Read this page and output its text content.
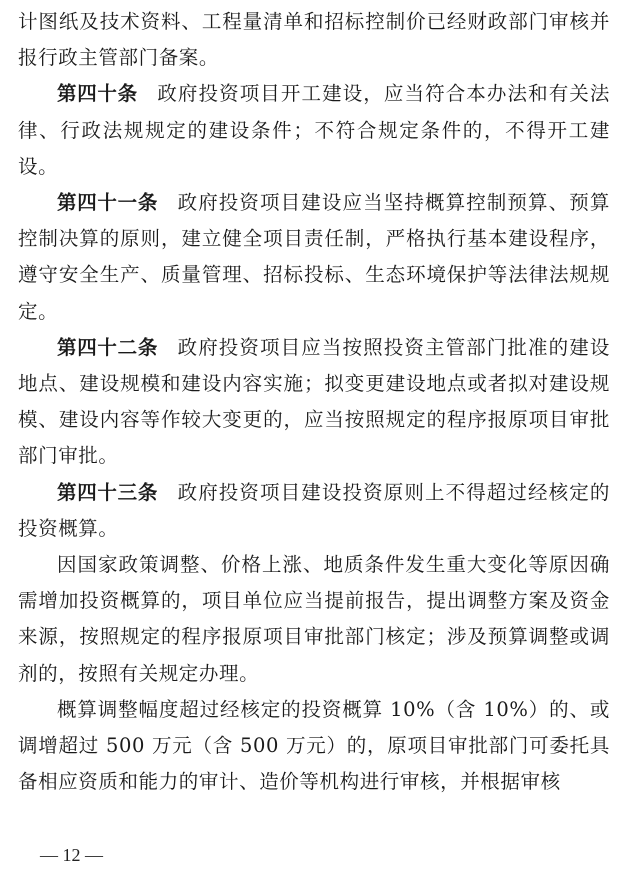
计图纸及技术资料、工程量清单和招标控制价已经财政部门审核并报行政主管部门备案。

第四十条 政府投资项目开工建设，应当符合本办法和有关法律、行政法规规定的建设条件；不符合规定条件的，不得开工建设。

第四十一条 政府投资项目建设应当坚持概算控制预算、预算控制决算的原则，建立健全项目责任制，严格执行基本建设程序，遵守安全生产、质量管理、招标投标、生态环境保护等法律法规规定。

第四十二条 政府投资项目应当按照投资主管部门批准的建设地点、建设规模和建设内容实施；拟变更建设地点或者拟对建设规模、建设内容等作较大变更的，应当按照规定的程序报原项目审批部门审批。

第四十三条 政府投资项目建设投资原则上不得超过经核定的投资概算。

因国家政策调整、价格上涨、地质条件发生重大变化等原因确需增加投资概算的，项目单位应当提前报告，提出调整方案及资金来源，按照规定的程序报原项目审批部门核定；涉及预算调整或调剂的，按照有关规定办理。

概算调整幅度超过经核定的投资概算 10%（含 10%）的、或调增超过 500 万元（含 500 万元）的，原项目审批部门可委托具备相应资质和能力的审计、造价等机构进行审核，并根据审核

— 12 —
